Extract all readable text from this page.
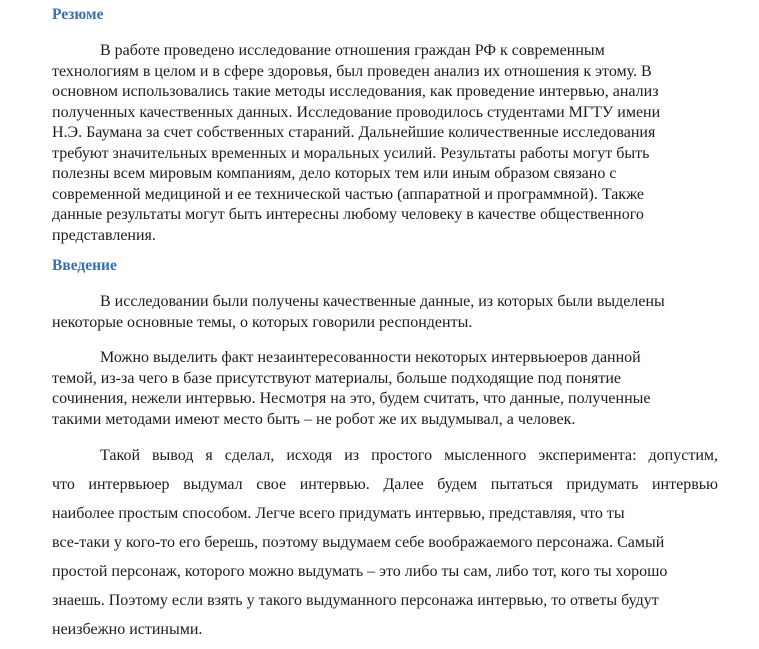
Резюме
В работе проведено исследование отношения граждан РФ к современным
технологиям в целом и в сфере здоровья, был проведен анализ их отношения к этому. В
основном использовались такие методы исследования, как проведение интервью, анализ
полученных качественных данных. Исследование проводилось студентами МГТУ имени
Н.Э. Баумана за счет собственных стараний. Дальнейшие количественные исследования
требуют значительных временных и моральных усилий. Результаты работы могут быть
полезны всем мировым компаниям, дело которых тем или иным образом связано с
современной медициной и ее технической частью (аппаратной и программной). Также
данные результаты могут быть интересны любому человеку в качестве общественного
представления.
Введение
В исследовании были получены качественные данные, из которых были выделены
некоторые основные темы, о которых говорили респонденты.
Можно выделить факт незаинтересованности некоторых интервьюеров данной
темой, из-за чего в базе присутствуют материалы, больше подходящие под понятие
сочинения, нежели интервью. Несмотря на это, будем считать, что данные, полученные
такими методами имеют место быть – не робот же их выдумывал, а человек.
Такой вывод я сделал, исходя из простого мысленного эксперимента: допустим,
что интервьюер выдумал свое интервью. Далее будем пытаться придумать интервью
наиболее простым способом. Легче всего придумать интервью, представляя, что ты
все-таки у кого-то его берешь, поэтому выдумаем себе воображаемого персонажа. Самый
простой персонаж, которого можно выдумать – это либо ты сам, либо тот, кого ты хорошо
знаешь. Поэтому если взять у такого выдуманного персонажа интервью, то ответы будут
неизбежно истиными.
